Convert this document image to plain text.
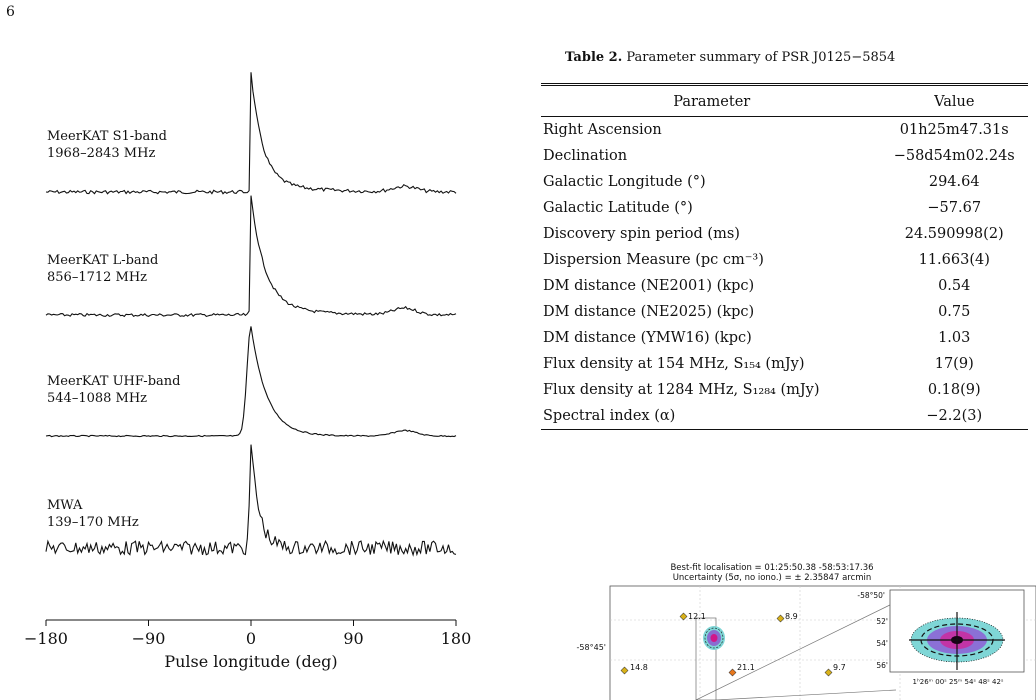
6
MeerKAT S1-band
1968–2843 MHz
MeerKAT L-band
856–1712 MHz
MeerKAT UHF-band
544–1088 MHz
MWA
139–170 MHz
−180	−90	0	90	180
Pulse longitude (deg)
Table 2. Parameter summary of PSR J0125−5854
Parameter	Value
Right Ascension	01h25m47.31s
Declination	−58d54m02.24s
Galactic Longitude (°)	294.64
Galactic Latitude (°)	−57.67
Discovery spin period (ms)	24.590998(2)
Dispersion Measure (pc cm⁻³)	11.663(4)
DM distance (NE2001) (kpc)	0.54
DM distance (NE2025) (kpc)	0.75
DM distance (YMW16) (kpc)	1.03
Flux density at 154 MHz, S₁₅₄ (mJy)	17(9)
Flux density at 1284 MHz, S₁₂₈₄ (mJy)	0.18(9)
Spectral index (α)	−2.2(3)
Best-fit localisation = 01:25:50.38 -58:53:17.36
Uncertainty (5σ, no iono.) = ± 2.35847 arcmin
-58°45'
12.1	8.9
14.8	21.1	9.7
-58°50'
52'
54'
56'
1ʰ26ᵐ 00ˢ 25ᵐ 54ˢ 48ˢ 42ˢ
